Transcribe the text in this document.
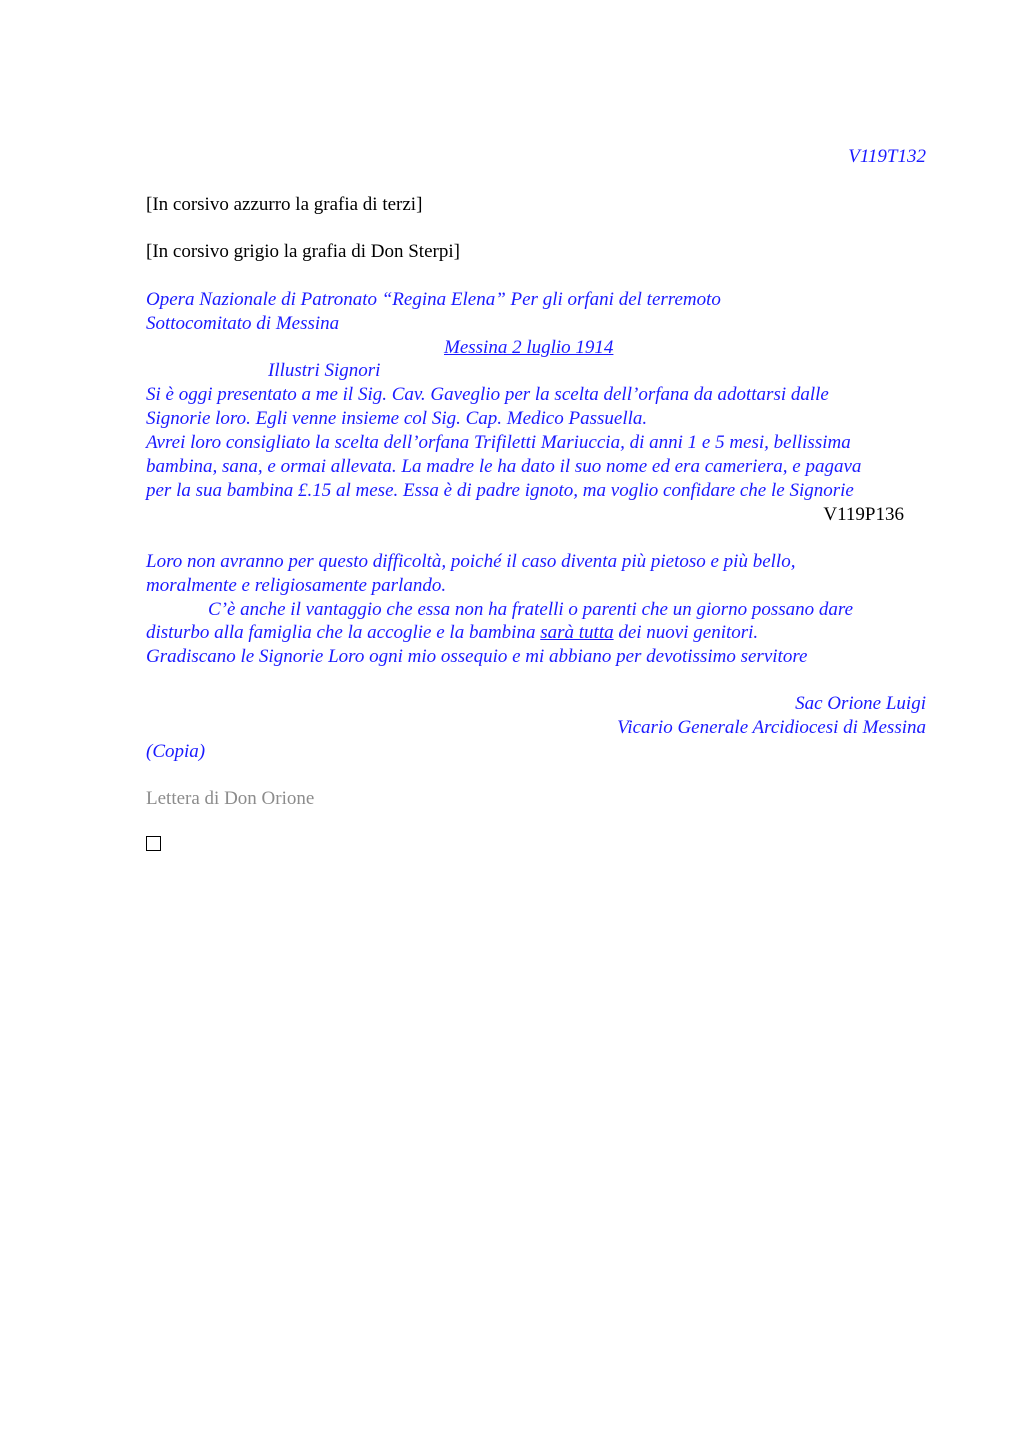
V119T132
[In corsivo azzurro la grafia di terzi]
[In corsivo grigio la grafia di Don Sterpi]
Opera Nazionale di Patronato “Regina Elena” Per gli orfani del terremoto
Sottocomitato di Messina
Messina 2 luglio 1914
Illustri Signori
Si è oggi presentato a me il Sig. Cav. Gaveglio per la scelta dell’orfana da adottarsi dalle
Signorie loro. Egli venne insieme col Sig. Cap. Medico Passuella.
Avrei loro consigliato la scelta dell’orfana Trifiletti Mariuccia, di anni 1 e 5 mesi, bellissima
bambina, sana, e ormai allevata. La madre le ha dato il suo nome ed era cameriera, e pagava
per la sua bambina £.15 al mese. Essa è di padre ignoto, ma voglio confidare che le Signorie
V119P136
Loro non avranno per questo difficoltà, poiché il caso diventa più pietoso e più bello,
moralmente e religiosamente parlando.
C’è anche il vantaggio che essa non ha fratelli o parenti che un giorno possano dare
disturbo alla famiglia che la accoglie e la bambina sarà tutta dei nuovi genitori.
Gradiscano le Signorie Loro ogni mio ossequio e mi abbiano per devotissimo servitore
Sac Orione Luigi
Vicario Generale Arcidiocesi di Messina
(Copia)
Lettera di Don Orione
